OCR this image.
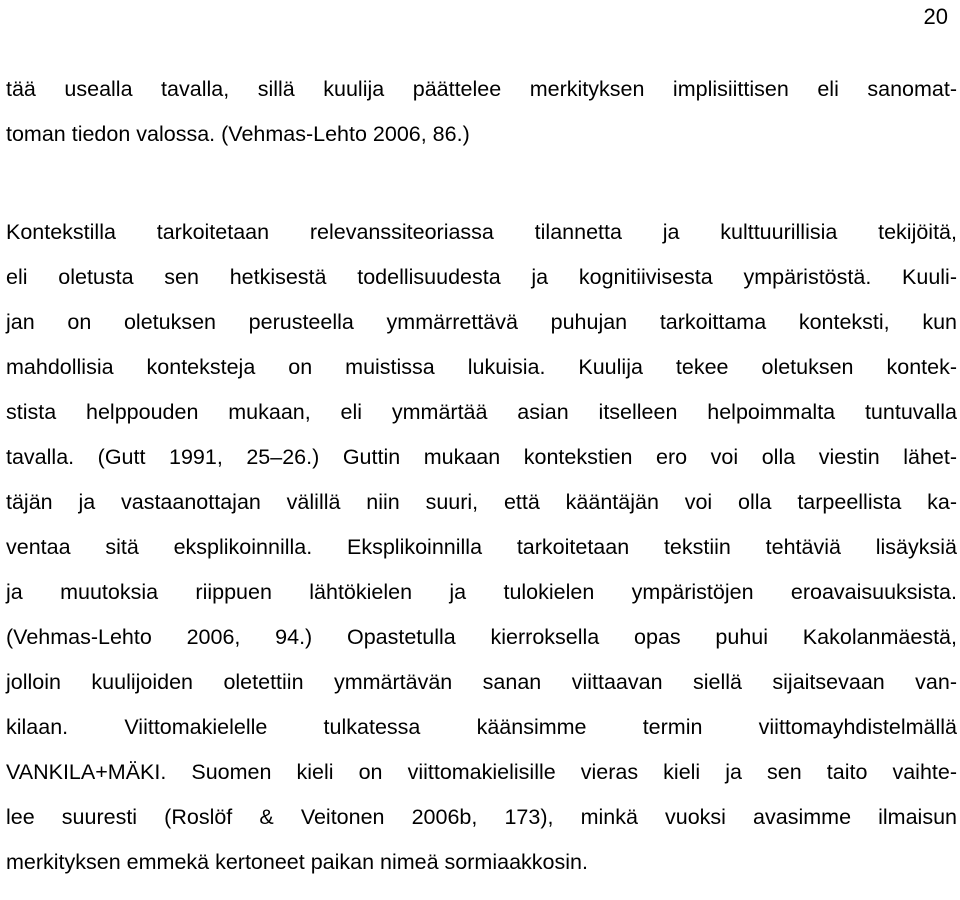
20

tää usealla tavalla, sillä kuulija päättelee merkityksen implisiittisen eli sanomat-
toman tiedon valossa. (Vehmas-Lehto 2006, 86.)
Kontekstilla tarkoitetaan relevanssiteoriassa tilannetta ja kulttuurillisia tekijöitä,
eli oletusta sen hetkisestä todellisuudesta ja kognitiivisesta ympäristöstä. Kuuli-
jan on oletuksen perusteella ymmärrettävä puhujan tarkoittama konteksti, kun
mahdollisia konteksteja on muistissa lukuisia. Kuulija tekee oletuksen kontek-
stista helppouden mukaan, eli ymmärtää asian itselleen helpoimmalta tuntuvalla
tavalla. (Gutt 1991, 25–26.) Guttin mukaan kontekstien ero voi olla viestin lähet-
täjän ja vastaanottajan välillä niin suuri, että kääntäjän voi olla tarpeellista ka-
ventaa sitä eksplikoinnilla. Eksplikoinnilla tarkoitetaan tekstiin tehtäviä lisäyksiä
ja muutoksia riippuen lähtökielen ja tulokielen ympäristöjen eroavaisuuksista.
(Vehmas-Lehto 2006, 94.) Opastetulla kierroksella opas puhui Kakolanmäestä,
jolloin kuulijoiden oletettiin ymmärtävän sanan viittaavan siellä sijaitsevaan van-
kilaan. Viittomakielelle tulkatessa käänsimme termin viittomayhdistelmällä
VANKILA+MÄKI. Suomen kieli on viittomakielisille vieras kieli ja sen taito vaihte-
lee suuresti (Roslöf & Veitonen 2006b, 173), minkä vuoksi avasimme ilmaisun
merkityksen emmekä kertoneet paikan nimeä sormiaakkosin.
